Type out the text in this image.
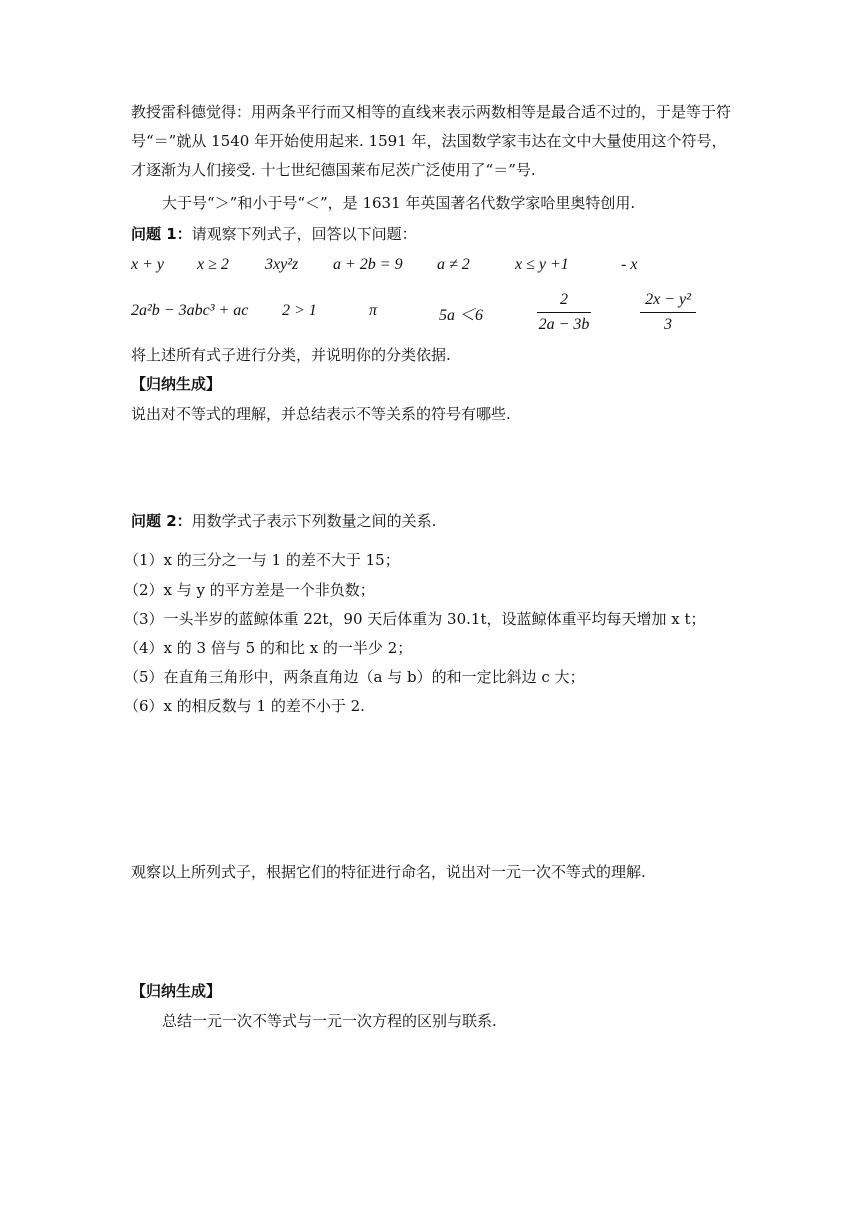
教授雷科德觉得：用两条平行而又相等的直线来表示两数相等是最合适不过的，于是等于符
号“＝”就从 1540 年开始使用起来. 1591 年，法国数学家韦达在文中大量使用这个符号，
才逐渐为人们接受. 十七世纪德国莱布尼茨广泛使用了“＝”号.
大于号“＞”和小于号“＜”，是 1631 年英国著名代数学家哈里奥特创用.
问题 1：请观察下列式子，回答以下问题：
x + y x ≥ 2 3xy²z a + 2b = 9 a ≠ 2	x ≤ y +1	- x
2a²b − 3abc³ + ac 2 > 1	π	5a ＜6	$\frac{2}{2a - 3b}$	$\frac{\text{2x − y²}}{3}$
将上述所有式子进行分类，并说明你的分类依据.
【归纳生成】
说出对不等式的理解，并总结表示不等关系的符号有哪些.
问题 2：用数学式子表示下列数量之间的关系.
（1）x 的三分之一与 1 的差不大于 15；
（2）x 与 y 的平方差是一个非负数；
（3）一头半岁的蓝鲸体重 22t，90 天后体重为 30.1t，设蓝鲸体重平均每天增加 x t；
（4）x 的 3 倍与 5 的和比 x 的一半少 2；
（5）在直角三角形中，两条直角边（a 与 b）的和一定比斜边 c 大；
（6）x 的相反数与 1 的差不小于 2.
观察以上所列式子，根据它们的特征进行命名，说出对一元一次不等式的理解.
【归纳生成】
总结一元一次不等式与一元一次方程的区别与联系.
